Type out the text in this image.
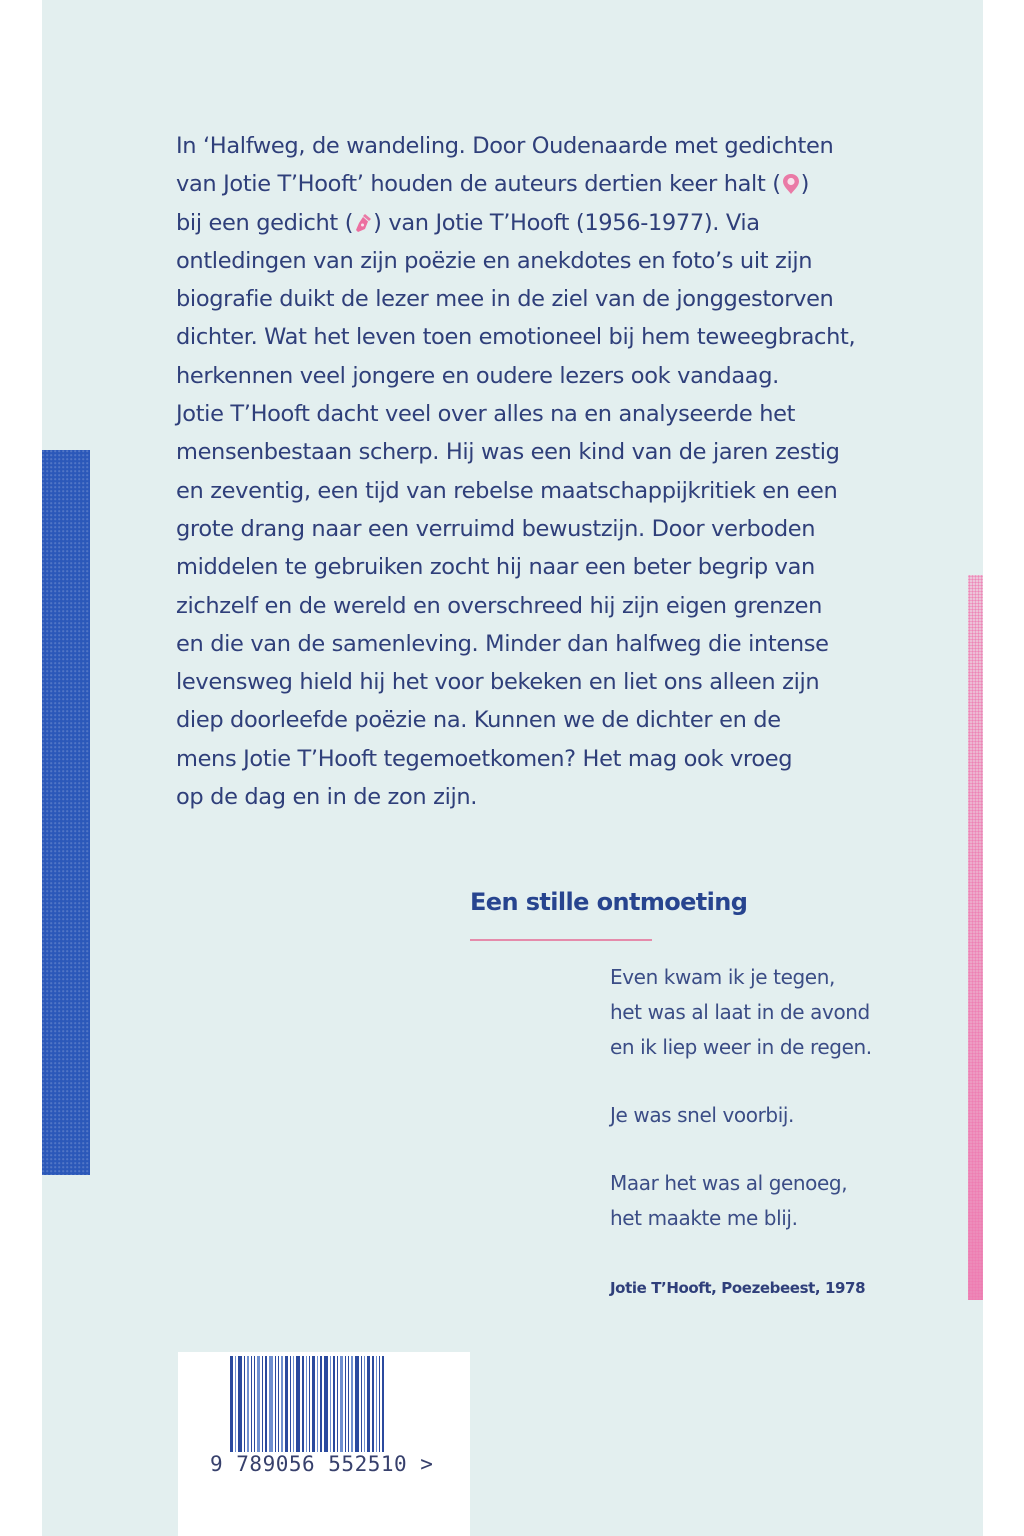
In ‘Halfweg, de wandeling. Door Oudenaarde met gedichten
van Jotie T’Hooft’ houden de auteurs dertien keer halt ( )
bij een gedicht ( ) van Jotie T’Hooft (1956-1977). Via
ontledingen van zijn poëzie en anekdotes en foto’s uit zijn
biografie duikt de lezer mee in de ziel van de jonggestorven
dichter. Wat het leven toen emotioneel bij hem teweegbracht,
herkennen veel jongere en oudere lezers ook vandaag.
Jotie T’Hooft dacht veel over alles na en analyseerde het
mensenbestaan scherp. Hij was een kind van de jaren zestig
en zeventig, een tijd van rebelse maatschappijkritiek en een
grote drang naar een verruimd bewustzijn. Door verboden
middelen te gebruiken zocht hij naar een beter begrip van
zichzelf en de wereld en overschreed hij zijn eigen grenzen
en die van de samenleving. Minder dan halfweg die intense
levensweg hield hij het voor bekeken en liet ons alleen zijn
diep doorleefde poëzie na. Kunnen we de dichter en de
mens Jotie T’Hooft tegemoetkomen? Het mag ook vroeg
op de dag en in de zon zijn.
Een stille ontmoeting
Even kwam ik je tegen,
het was al laat in de avond
en ik liep weer in de regen.
Je was snel voorbij.
Maar het was al genoeg,
het maakte me blij.
Jotie T’Hooft, Poezebeest, 1978
9 789056 552510 >
